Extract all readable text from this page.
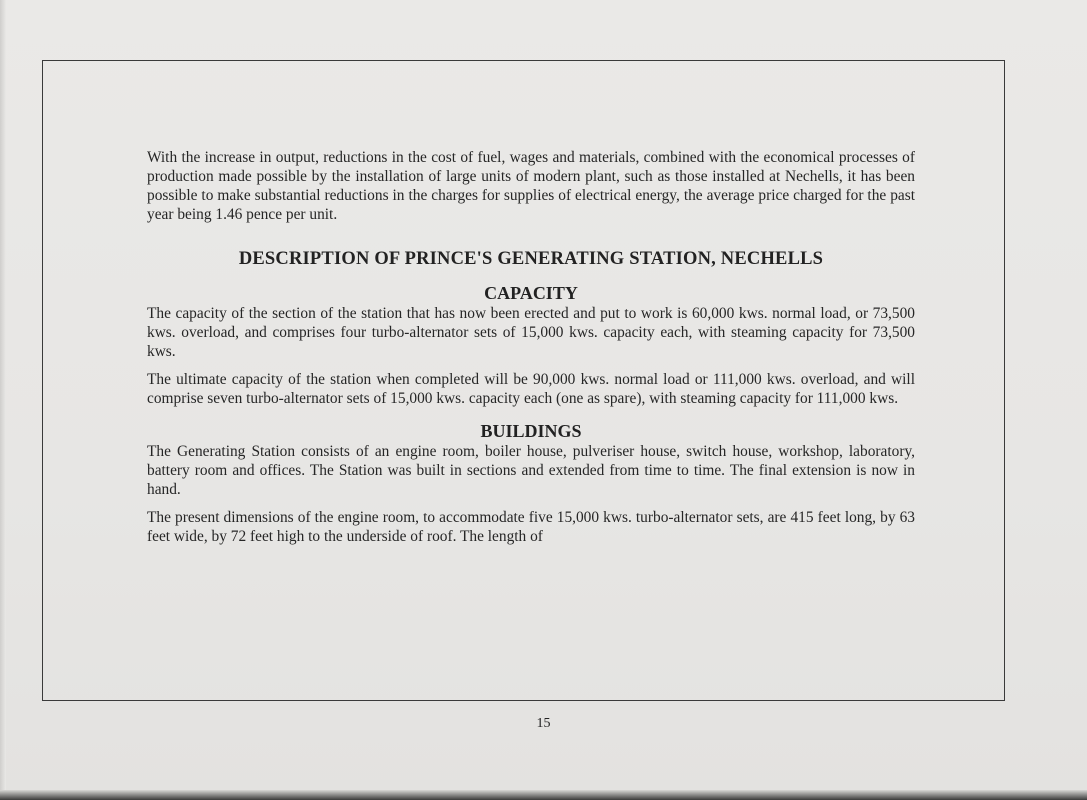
With the increase in output, reductions in the cost of fuel, wages and materials, combined with the economical processes of production made possible by the installation of large units of modern plant, such as those installed at Nechells, it has been possible to make substantial reductions in the charges for supplies of electrical energy, the average price charged for the past year being 1.46 pence per unit.

DESCRIPTION OF PRINCE'S GENERATING STATION, NECHELLS
CAPACITY

The capacity of the section of the station that has now been erected and put to work is 60,000 kws. normal load, or 73,500 kws. overload, and comprises four turbo-alternator sets of 15,000 kws. capacity each, with steaming capacity for 73,500 kws.

The ultimate capacity of the station when completed will be 90,000 kws. normal load or 111,000 kws. overload, and will comprise seven turbo-alternator sets of 15,000 kws. capacity each (one as spare), with steaming capacity for 111,000 kws.

BUILDINGS

The Generating Station consists of an engine room, boiler house, pulveriser house, switch house, workshop, laboratory, battery room and offices. The Station was built in sections and extended from time to time. The final extension is now in hand.

The present dimensions of the engine room, to accommodate five 15,000 kws. turbo-alternator sets, are 415 feet long, by 63 feet wide, by 72 feet high to the underside of roof. The length of

15
